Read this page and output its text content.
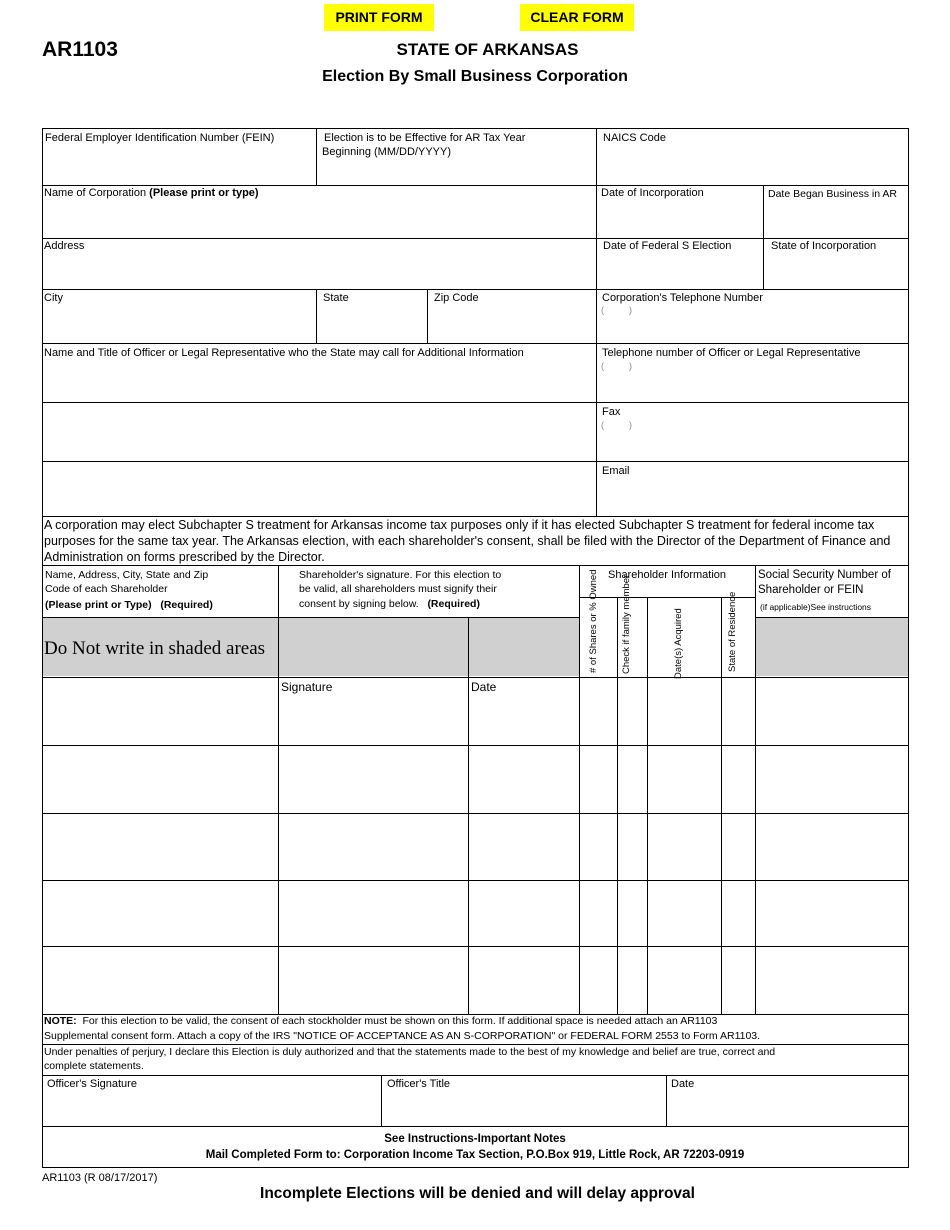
PRINT FORM	CLEAR FORM
AR1103	STATE OF ARKANSAS
Election By Small Business Corporation
Federal Employer Identification Number (FEIN)	Election is to be Effective for AR Tax Year
Beginning (MM/DD/YYYY)
NAICS Code
Name of Corporation (Please print or type)	Date of Incorporation	Date Began Business in AR
Address	Date of Federal S Election	State of Incorporation
City	State	Zip Code	Corporation's Telephone Number
(          )
Name and Title of Officer or Legal Representative who the State may call for Additional Information	Telephone number of Officer or Legal Representative
(          )
Fax
(          )
Email
A corporation may elect Subchapter S treatment for Arkansas income tax purposes only if it has elected Subchapter S treatment for federal income tax purposes for the same tax year. The Arkansas election, with each shareholder's consent, shall be filed with the Director of the Department of Finance and Administration on forms prescribed by the Director.
Name, Address, City, State and Zip
Code of each Shareholder
(Please print or Type)   (Required)
Shareholder's signature. For this election to
be valid, all shareholders must signify their
consent by signing below. (Required)
Shareholder Information	Social Security Number of
Shareholder or FEIN
(if applicable)See instructions
# of Shares or % Owned	Check if family member	Date(s) Acquired	State of Residence
Do Not write in shaded areas
Signature	Date
NOTE: For this election to be valid, the consent of each stockholder must be shown on this form. If additional space is needed attach an AR1103
Supplemental consent form. Attach a copy of the IRS "NOTICE OF ACCEPTANCE AS AN S-CORPORATION" or FEDERAL FORM 2553 to Form AR1103.
Under penalties of perjury, I declare this Election is duly authorized and that the statements made to the best of my knowledge and belief are true, correct and
complete statements.
Officer's Signature	Officer's Title	Date
See Instructions-Important Notes
Mail Completed Form to: Corporation Income Tax Section, P.O.Box 919, Little Rock, AR 72203-0919
AR1103 (R 08/17/2017)
Incomplete Elections will be denied and will delay approval
